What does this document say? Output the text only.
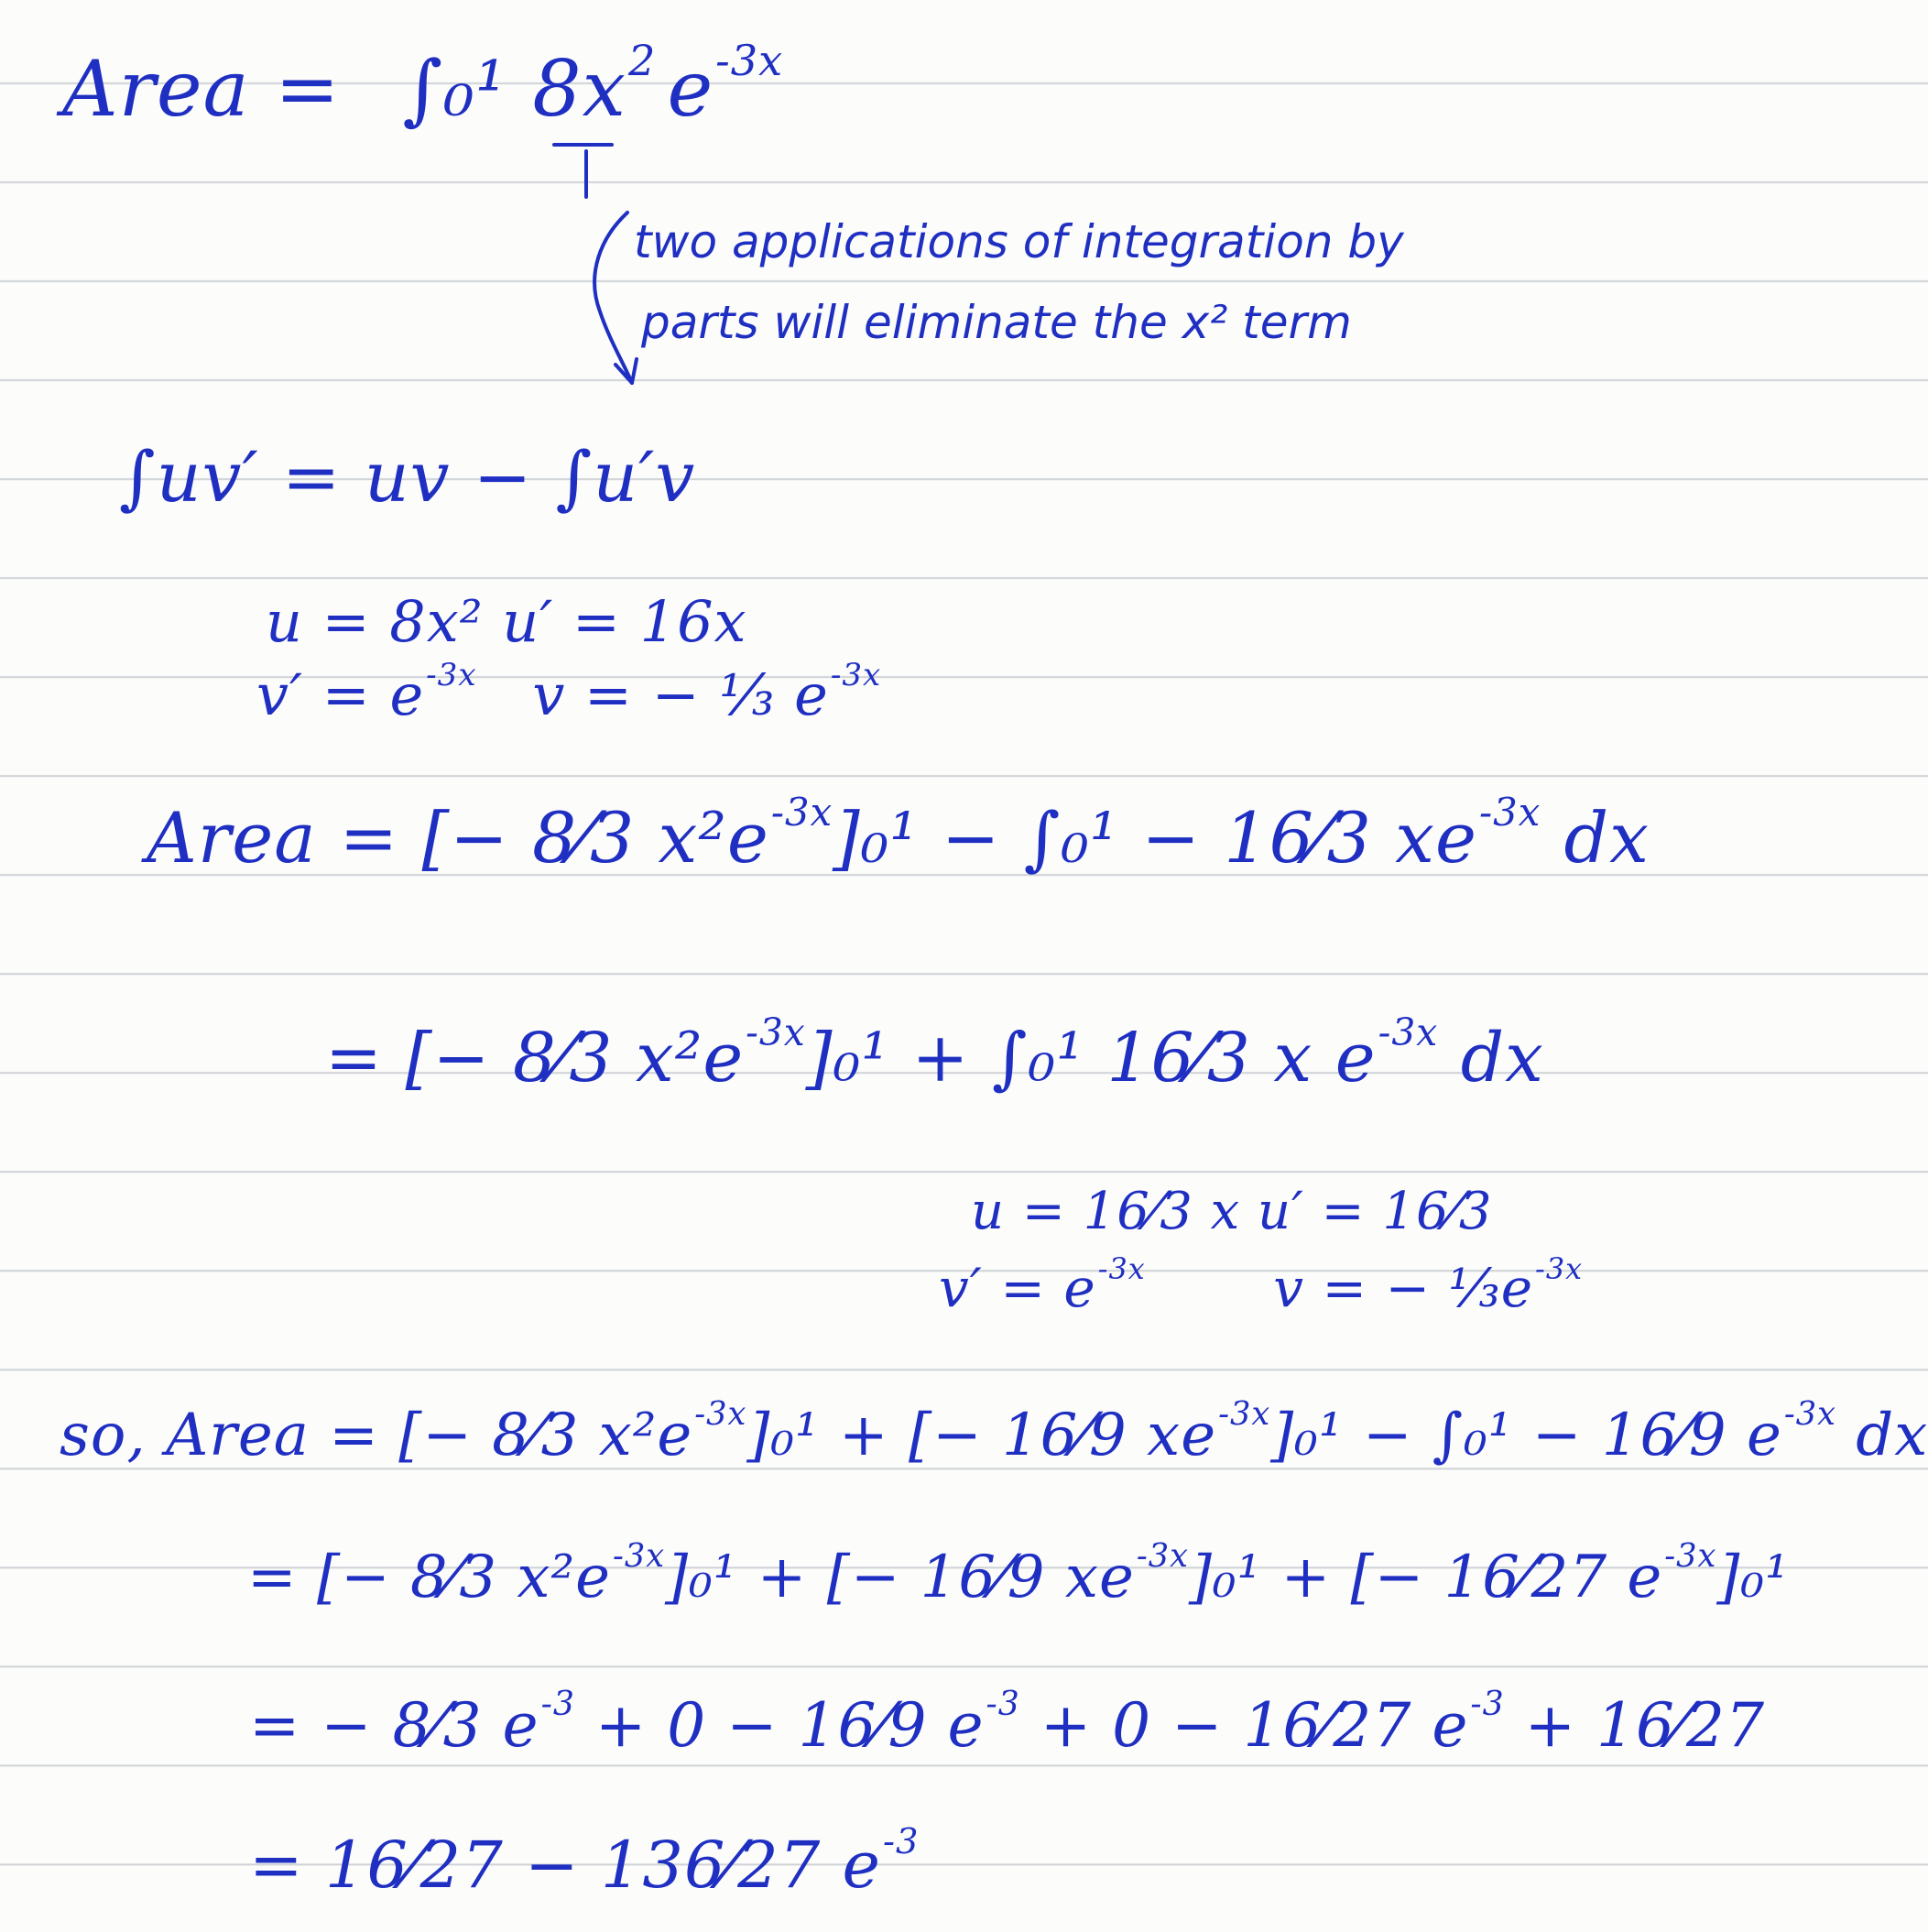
Area = ∫₀¹ 8x2 e-3x
two applications of integration by
parts will eliminate the x² term
∫uv′ = uv − ∫u′v
u = 8x² u′ = 16x
v′ = e-3x v = − ⅓ e-3x
Area = [− 8⁄3 x²e-3x]₀¹ − ∫₀¹ − 16⁄3 xe-3x dx
= [− 8⁄3 x²e-3x]₀¹ + ∫₀¹ 16⁄3 x e-3x dx
u = 16⁄3 x u′ = 16⁄3
v′ = e-3x v = − ⅓e-3x
so, Area = [− 8⁄3 x²e-3x]₀¹ + [− 16⁄9 xe-3x]₀¹ − ∫₀¹ − 16⁄9 e-3x dx
= [− 8⁄3 x²e-3x]₀¹ + [− 16⁄9 xe-3x]₀¹ + [− 16⁄27 e-3x]₀¹
= − 8⁄3 e-3 + 0 − 16⁄9 e-3 + 0 − 16⁄27 e-3 + 16⁄27
= 16⁄27 − 136⁄27 e-3
